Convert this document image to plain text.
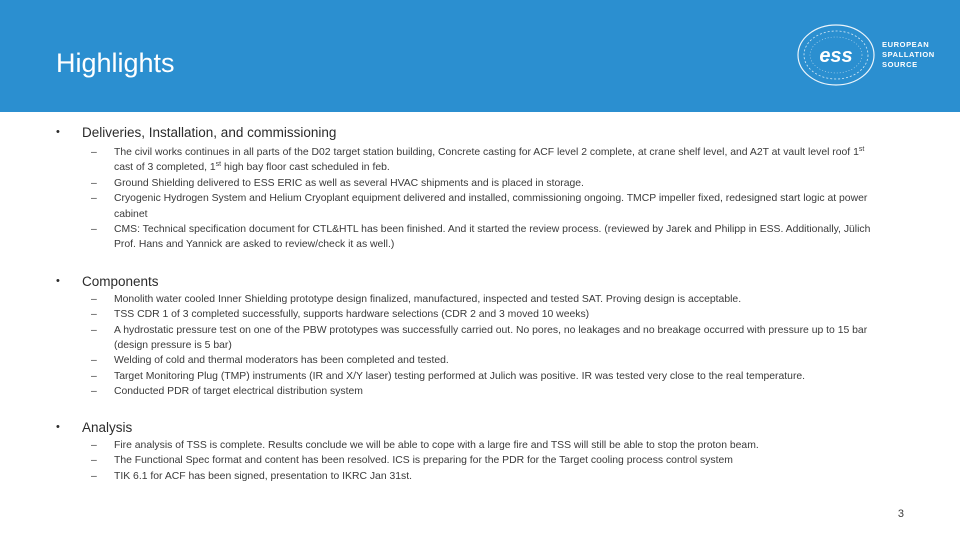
Highlights	ess
EUROPEAN
SPALLATION
SOURCE
• Deliveries, Installation, and commissioning
– The civil works continues in all parts of the D02 target station building, Concrete casting for ACF level 2 complete, at crane shelf level, and A2T at vault level roof 1st cast of 3 completed, 1st high bay floor cast scheduled in feb.
– Ground Shielding delivered to ESS ERIC as well as several HVAC shipments and is placed in storage.
– Cryogenic Hydrogen System and Helium Cryoplant equipment delivered and installed, commissioning ongoing. TMCP impeller fixed, redesigned start logic at power cabinet
– CMS: Technical specification document for CTL&HTL has been finished. And it started the review process. (reviewed by Jarek and Philipp in ESS. Additionally, Jülich Prof. Hans and Yannick are asked to review/check it as well.)
• Components
– Monolith water cooled Inner Shielding prototype design finalized, manufactured, inspected and tested SAT. Proving design is acceptable.
– TSS CDR 1 of 3 completed successfully, supports hardware selections (CDR 2 and 3 moved 10 weeks)
– A hydrostatic pressure test on one of the PBW prototypes was successfully carried out. No pores, no leakages and no breakage occurred with pressure up to 15 bar (design pressure is 5 bar)
– Welding of cold and thermal moderators has been completed and tested.
– Target Monitoring Plug (TMP) instruments (IR and X/Y laser) testing performed at Julich was positive. IR was tested very close to the real temperature.
– Conducted PDR of target electrical distribution system
• Analysis
– Fire analysis of TSS is complete. Results conclude we will be able to cope with a large fire and TSS will still be able to stop the proton beam.
– The Functional Spec format and content has been resolved. ICS is preparing for the PDR for the Target cooling process control system
– TIK 6.1 for ACF has been signed, presentation to IKRC Jan 31st.
3
